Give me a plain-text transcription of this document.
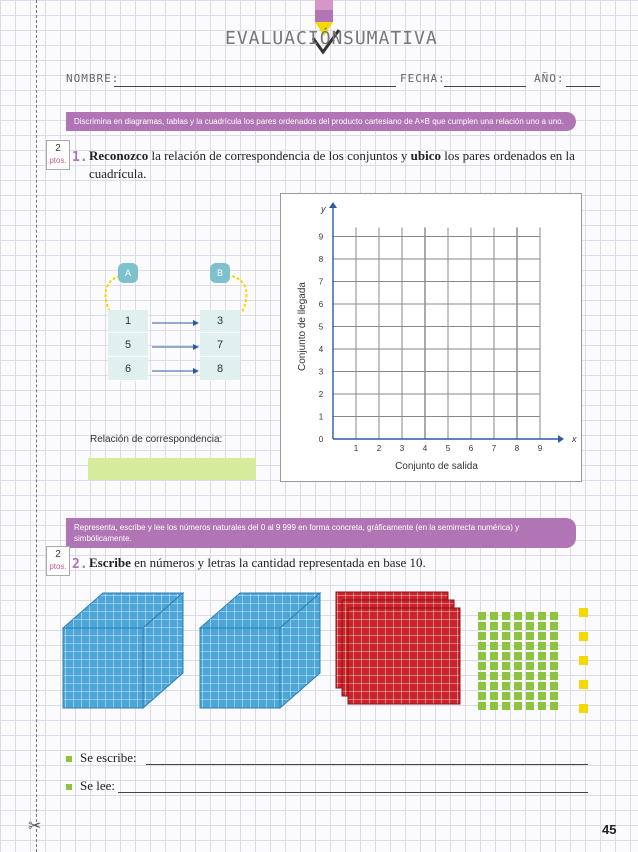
EVALUACIÓN SUMATIVA
NOMBRE:	FECHA:	AÑO:
Discrimina en diagramas, tablas y la cuadrícula los pares ordenados del producto cartesiano de A×B que cumplen una relación uno a uno.
2
ptos. 1. Reconozco la relación de correspondencia de los conjuntos y ubico los pares ordenados en la cuadrícula.
A	B
1
5
6
3
7
8
Relación de correspondencia:	0
1
2
3
4
5
6
7
8
9
1 2 3 4 5 6 7 8 9
y
x
Conjunto de salida
Conjunto de llegada
Representa, escribe y lee los números naturales del 0 al 9 999 en forma concreta, gráficamente (en la semirrecta numérica) y simbólicamente.
2
ptos. 2. Escribe en números y letras la cantidad representada en base 10.
Se escribe:
Se lee:
✂	45
